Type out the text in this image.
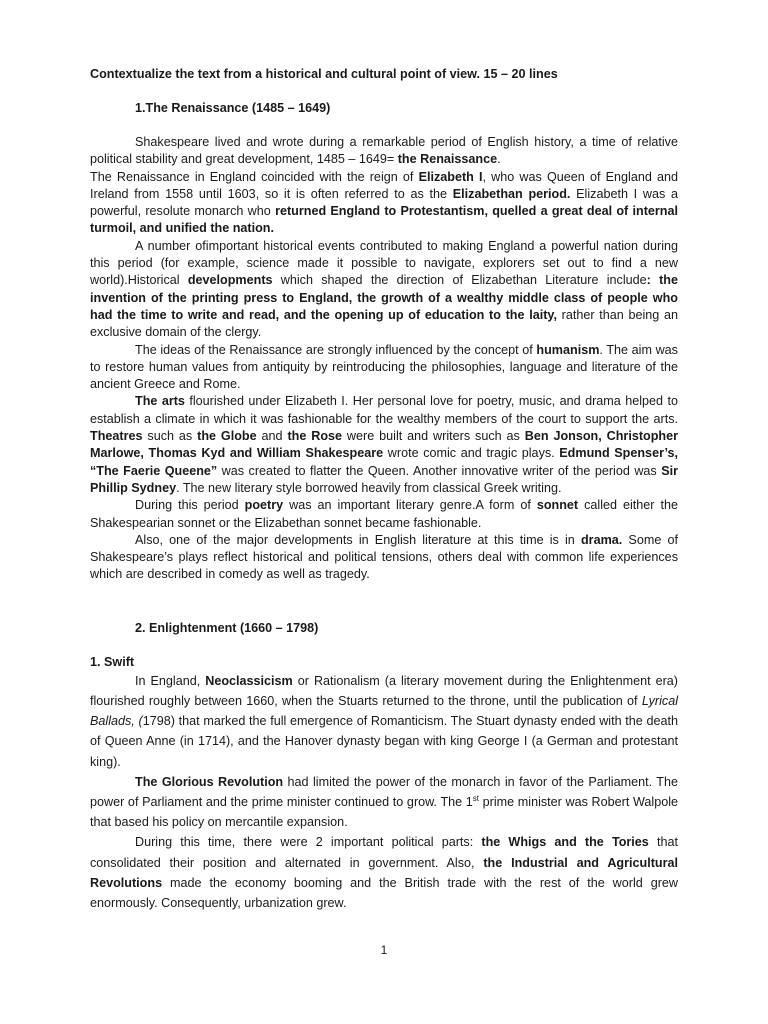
Contextualize the text from a historical and cultural point of view. 15 – 20 lines
1.The Renaissance (1485 – 1649)

Shakespeare lived and wrote during a remarkable period of English history, a time of relative political stability and great development, 1485 – 1649= the Renaissance.

The Renaissance in England coincided with the reign of Elizabeth I, who was Queen of England and Ireland from 1558 until 1603, so it is often referred to as the Elizabethan period. Elizabeth I was a powerful, resolute monarch who returned England to Protestantism, quelled a great deal of internal turmoil, and unified the nation.

A number ofimportant historical events contributed to making England a powerful nation during this period (for example, science made it possible to navigate, explorers set out to find a new world).Historical developments which shaped the direction of Elizabethan Literature include: the invention of the printing press to England, the growth of a wealthy middle class of people who had the time to write and read, and the opening up of education to the laity, rather than being an exclusive domain of the clergy.

The ideas of the Renaissance are strongly influenced by the concept of humanism. The aim was to restore human values from antiquity by reintroducing the philosophies, language and literature of the ancient Greece and Rome.

The arts flourished under Elizabeth I. Her personal love for poetry, music, and drama helped to establish a climate in which it was fashionable for the wealthy members of the court to support the arts. Theatres such as the Globe and the Rose were built and writers such as Ben Jonson, Christopher Marlowe, Thomas Kyd and William Shakespeare wrote comic and tragic plays. Edmund Spenser’s, “The Faerie Queene” was created to flatter the Queen. Another innovative writer of the period was Sir Phillip Sydney. The new literary style borrowed heavily from classical Greek writing.

During this period poetry was an important literary genre.A form of sonnet called either the Shakespearian sonnet or the Elizabethan sonnet became fashionable.

Also, one of the major developments in English literature at this time is in drama. Some of Shakespeare’s plays reflect historical and political tensions, others deal with common life experiences which are described in comedy as well as tragedy.

2. Enlightenment (1660 – 1798)
1. Swift

In England, Neoclassicism or Rationalism (a literary movement during the Enlightenment era) flourished roughly between 1660, when the Stuarts returned to the throne, until the publication of Lyrical Ballads, (1798) that marked the full emergence of Romanticism. The Stuart dynasty ended with the death of Queen Anne (in 1714), and the Hanover dynasty began with king George I (a German and protestant king).

The Glorious Revolution had limited the power of the monarch in favor of the Parliament. The power of Parliament and the prime minister continued to grow. The 1st prime minister was Robert Walpole that based his policy on mercantile expansion.

During this time, there were 2 important political parts: the Whigs and the Tories that consolidated their position and alternated in government. Also, the Industrial and Agricultural Revolutions made the economy booming and the British trade with the rest of the world grew enormously. Consequently, urbanization grew.

1
